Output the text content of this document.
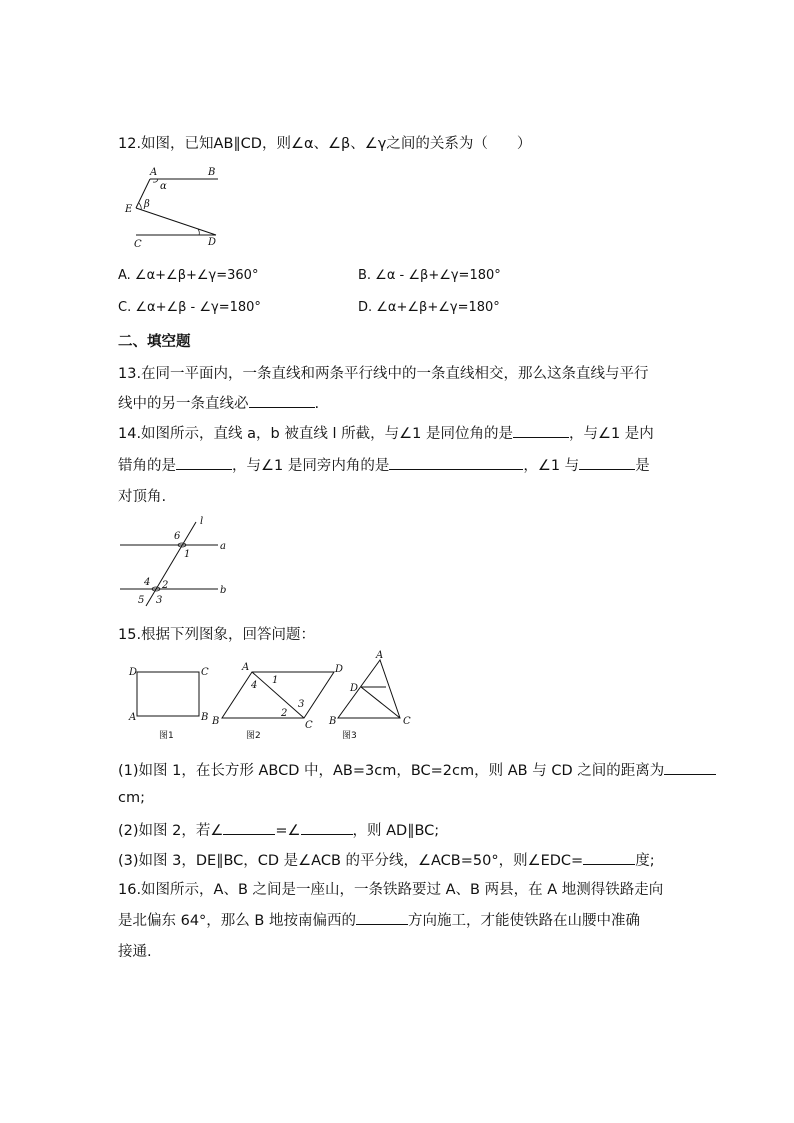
12.如图，已知AB∥CD，则∠α、∠β、∠γ之间的关系为（　　）
A	B
E
C	D
α
β
A. ∠α+∠β+∠γ=360°	B. ∠α - ∠β+∠γ=180°
C. ∠α+∠β - ∠γ=180°	D. ∠α+∠β+∠γ=180°
二、填空题
13.在同一平面内，一条直线和两条平行线中的一条直线相交，那么这条直线与平行
线中的另一条直线必	.
14.如图所示，直线 a，b 被直线 l 所截，与∠1 是同位角的是	，与∠1 是内
错角的是	，与∠1 是同旁内角的是	，∠1 与	是
对顶角.
l
a
b
6
1
4 2
5 3
15.根据下列图象，回答问题：
D	C
A	B
图1
A	D
B	C
1
4
2
3
图2
A
D
B	C
图3
(1)如图 1，在长方形 ABCD 中，AB=3cm，BC=2cm，则 AB 与 CD 之间的距离为
cm;
(2)如图 2，若∠	=∠	，则 AD∥BC;
(3)如图 3，DE∥BC，CD 是∠ACB 的平分线，∠ACB=50°，则∠EDC=	度;
16.如图所示，A、B 之间是一座山，一条铁路要过 A、B 两县，在 A 地测得铁路走向
是北偏东 64°，那么 B 地按南偏西的	方向施工，才能使铁路在山腰中准确
接通.
